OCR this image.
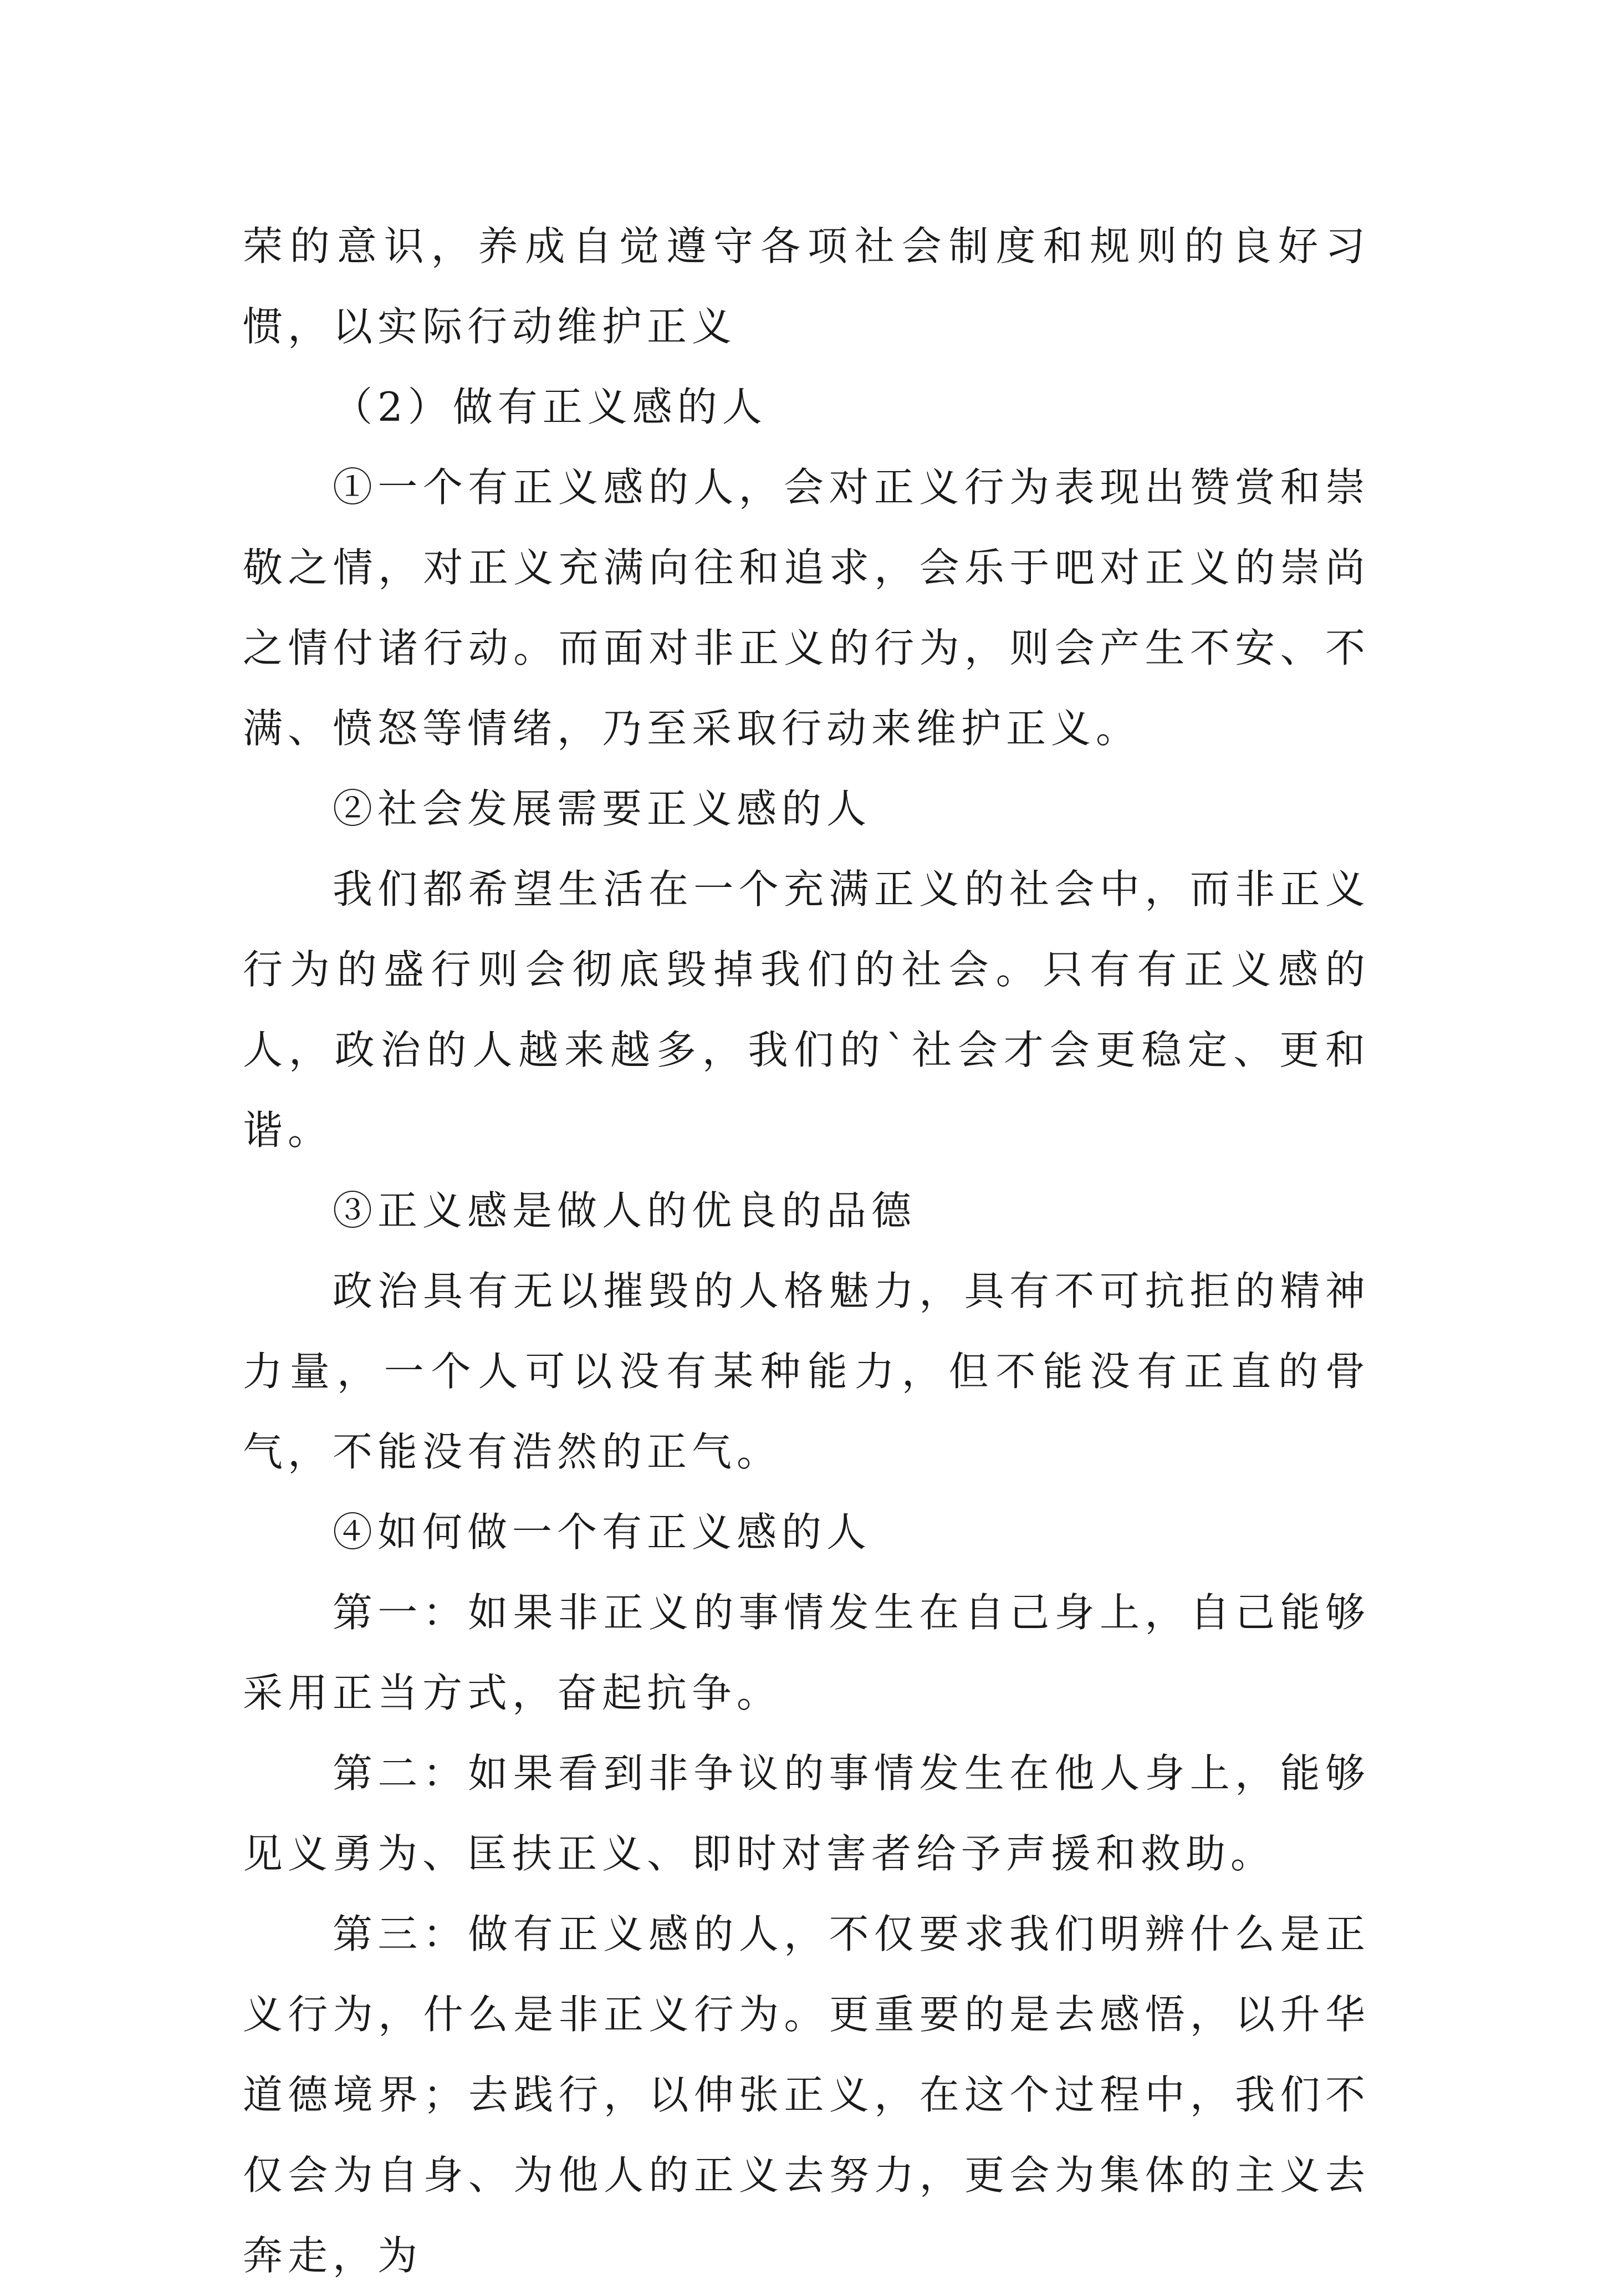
荣的意识，养成自觉遵守各项社会制度和规则的良好习惯，以实际行动维护正义

（2）做有正义感的人

①一个有正义感的人，会对正义行为表现出赞赏和崇敬之情，对正义充满向往和追求，会乐于吧对正义的崇尚之情付诸行动。而面对非正义的行为，则会产生不安、不满、愤怒等情绪，乃至采取行动来维护正义。

②社会发展需要正义感的人

我们都希望生活在一个充满正义的社会中，而非正义行为的盛行则会彻底毁掉我们的社会。只有有正义感的人，政治的人越来越多，我们的`社会才会更稳定、更和谐。

③正义感是做人的优良的品德

政治具有无以摧毁的人格魅力，具有不可抗拒的精神力量，一个人可以没有某种能力，但不能没有正直的骨气，不能没有浩然的正气。

④如何做一个有正义感的人

第一：如果非正义的事情发生在自己身上，自己能够采用正当方式，奋起抗争。

第二：如果看到非争议的事情发生在他人身上，能够见义勇为、匡扶正义、即时对害者给予声援和救助。

第三：做有正义感的人，不仅要求我们明辨什么是正义行为，什么是非正义行为。更重要的是去感悟，以升华道德境界；去践行，以伸张正义，在这个过程中，我们不仅会为自身、为他人的正义去努力，更会为集体的主义去奔走，为
